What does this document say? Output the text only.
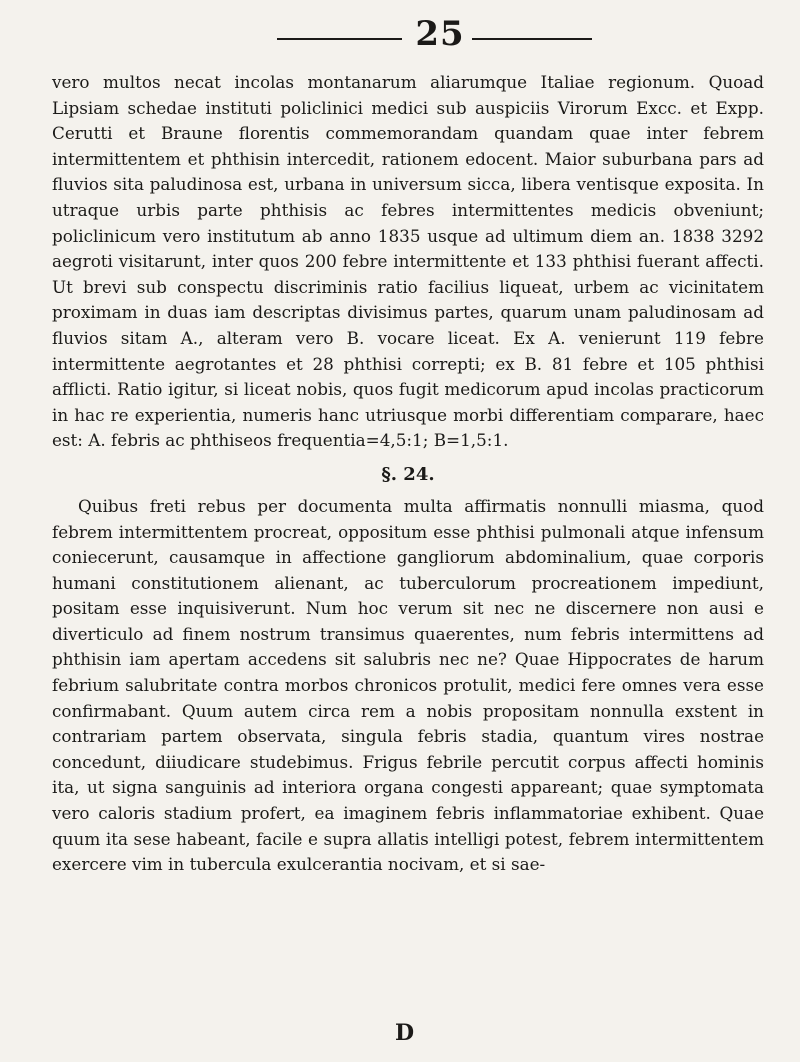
25

vero multos necat incolas montanarum aliarumque Italiae regionum. Quoad Lipsiam schedae instituti policlinici medici sub auspiciis Virorum Excc. et Expp. Cerutti et Braune florentis commemorandam quandam quae inter febrem intermittentem et phthisin intercedit, rationem edocent. Maior suburbana pars ad fluvios sita paludinosa est, urbana in universum sicca, libera ventisque exposita. In utraque urbis parte phthisis ac febres intermittentes medicis obveniunt; policlinicum vero institutum ab anno 1835 usque ad ultimum diem an. 1838 3292 aegroti visitarunt, inter quos 200 febre intermittente et 133 phthisi fuerant affecti. Ut brevi sub conspectu discriminis ratio facilius liqueat, urbem ac vicinitatem proximam in duas iam descriptas divisimus partes, quarum unam paludinosam ad fluvios sitam A., alteram vero B. vocare liceat. Ex A. venierunt 119 febre intermittente aegrotantes et 28 phthisi correpti; ex B. 81 febre et 105 phthisi afflicti. Ratio igitur, si liceat nobis, quos fugit medicorum apud incolas practicorum in hac re experientia, numeris hanc utriusque morbi differentiam comparare, haec est: A. febris ac phthiseos frequentia=4,5:1; B=1,5:1.

§. 24.

Quibus freti rebus per documenta multa affirmatis nonnulli miasma, quod febrem intermittentem procreat, oppositum esse phthisi pulmonali atque infensum coniecerunt, causamque in affectione gangliorum abdominalium, quae corporis humani constitutionem alienant, ac tuberculorum procreationem impediunt, positam esse inquisiverunt. Num hoc verum sit nec ne discernere non ausi e diverticulo ad finem nostrum transimus quaerentes, num febris intermittens ad phthisin iam apertam accedens sit salubris nec ne? Quae Hippocrates de harum febrium salubritate contra morbos chronicos protulit, medici fere omnes vera esse confirmabant. Quum autem circa rem a nobis propositam nonnulla exstent in contrariam partem observata, singula febris stadia, quantum vires nostrae concedunt, diiudicare studebimus. Frigus febrile percutit corpus affecti hominis ita, ut signa sanguinis ad interiora organa congesti appareant; quae symptomata vero caloris stadium profert, ea imaginem febris inflammatoriae exhibent. Quae quum ita sese habeant, facile e supra allatis intelligi potest, febrem intermittentem exercere vim in tubercula exulcerantia nocivam, et si sae-

D
